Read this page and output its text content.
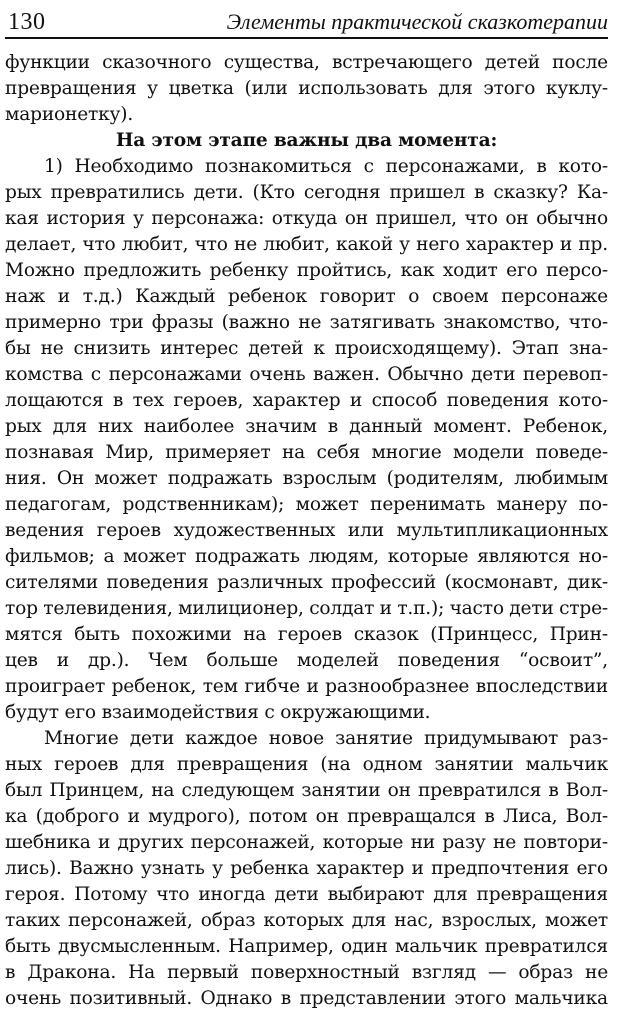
130	Элементы практической сказкотерапии
функции сказочного существа, встречающего детей после
превращения у цветка (или использовать для этого куклу-
марионетку).
На этом этапе важны два момента:
1) Необходимо познакомиться с персонажами, в кото-
рых превратились дети. (Кто сегодня пришел в сказку? Ка-
кая история у персонажа: откуда он пришел, что он обычно
делает, что любит, что не любит, какой у него характер и пр.
Можно предложить ребенку пройтись, как ходит его персо-
наж и т.д.) Каждый ребенок говорит о своем персонаже
примерно три фразы (важно не затягивать знакомство, что-
бы не снизить интерес детей к происходящему). Этап зна-
комства с персонажами очень важен. Обычно дети перевоп-
лощаются в тех героев, характер и способ поведения кото-
рых для них наиболее значим в данный момент. Ребенок,
познавая Мир, примеряет на себя многие модели поведе-
ния. Он может подражать взрослым (родителям, любимым
педагогам, родственникам); может перенимать манеру по-
ведения героев художественных или мультипликационных
фильмов; а может подражать людям, которые являются но-
сителями поведения различных профессий (космонавт, дик-
тор телевидения, милиционер, солдат и т.п.); часто дети стре-
мятся быть похожими на героев сказок (Принцесс, Прин-
цев и др.). Чем больше моделей поведения “освоит”,
проиграет ребенок, тем гибче и разнообразнее впоследствии
будут его взаимодействия с окружающими.
Многие дети каждое новое занятие придумывают раз-
ных героев для превращения (на одном занятии мальчик
был Принцем, на следующем занятии он превратился в Вол-
ка (доброго и мудрого), потом он превращался в Лиса, Вол-
шебника и других персонажей, которые ни разу не повтори-
лись). Важно узнать у ребенка характер и предпочтения его
героя. Потому что иногда дети выбирают для превращения
таких персонажей, образ которых для нас, взрослых, может
быть двусмысленным. Например, один мальчик превратился
в Дракона. На первый поверхностный взгляд — образ не
очень позитивный. Однако в представлении этого мальчика
